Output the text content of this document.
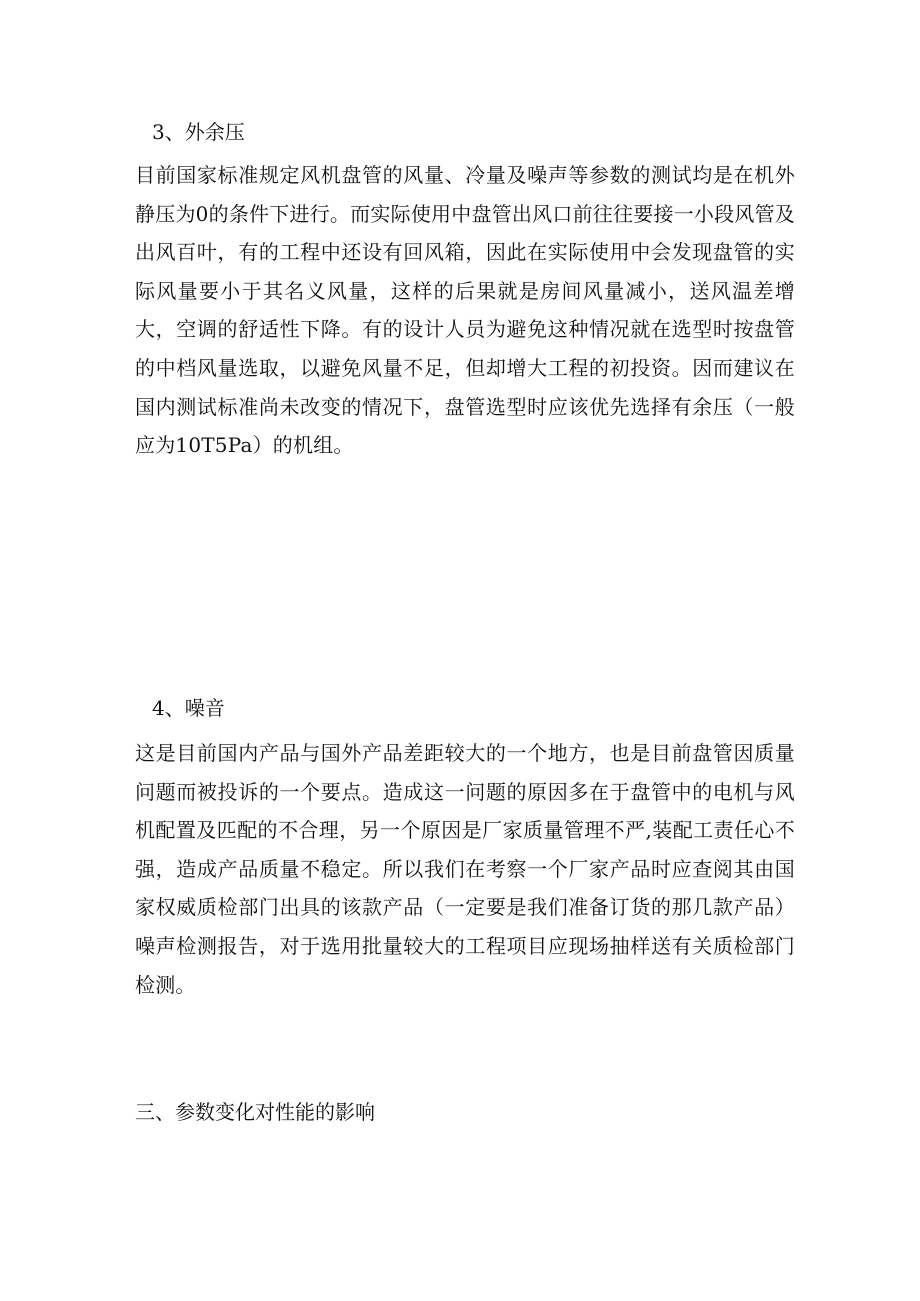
3、外余压

目前国家标准规定风机盘管的风量、冷量及噪声等参数的测试均是在机外静压为0的条件下进行。而实际使用中盘管出风口前往往要接一小段风管及出风百叶，有的工程中还设有回风箱，因此在实际使用中会发现盘管的实际风量要小于其名义风量，这样的后果就是房间风量减小，送风温差增大，空调的舒适性下降。有的设计人员为避免这种情况就在选型时按盘管的中档风量选取，以避免风量不足，但却增大工程的初投资。因而建议在国内测试标准尚未改变的情况下，盘管选型时应该优先选择有余压（一般应为10T5Pa）的机组。

4、噪音

这是目前国内产品与国外产品差距较大的一个地方，也是目前盘管因质量问题而被投诉的一个要点。造成这一问题的原因多在于盘管中的电机与风机配置及匹配的不合理，另一个原因是厂家质量管理不严,装配工责任心不强，造成产品质量不稳定。所以我们在考察一个厂家产品时应查阅其由国家权威质检部门出具的该款产品（一定要是我们准备订货的那几款产品）噪声检测报告，对于选用批量较大的工程项目应现场抽样送有关质检部门检测。

三、参数变化对性能的影响
